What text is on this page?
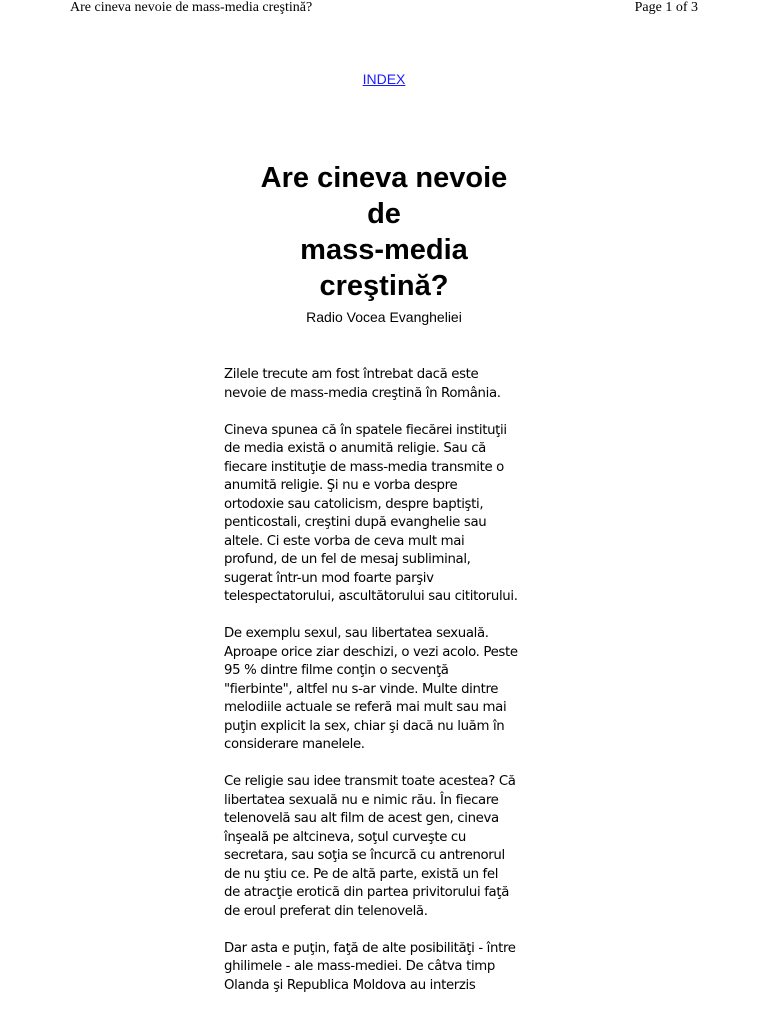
Are cineva nevoie de mass-media creştină?	Page 1 of 3
INDEX
Are cineva nevoie
de
mass-media
creştină?
Radio Vocea Evangheliei

Zilele trecute am fost întrebat dacă este
nevoie de mass-media creştină în România.

Cineva spunea că în spatele fiecărei instituţii
de media există o anumită religie. Sau că
fiecare instituţie de mass-media transmite o
anumită religie. Şi nu e vorba despre
ortodoxie sau catolicism, despre baptişti,
penticostali, creştini după evanghelie sau
altele. Ci este vorba de ceva mult mai
profund, de un fel de mesaj subliminal,
sugerat într-un mod foarte parşiv
telespectatorului, ascultătorului sau cititorului.

De exemplu sexul, sau libertatea sexuală.
Aproape orice ziar deschizi, o vezi acolo. Peste
95 % dintre filme conţin o secvenţă
"fierbinte", altfel nu s-ar vinde. Multe dintre
melodiile actuale se referă mai mult sau mai
puţin explicit la sex, chiar şi dacă nu luăm în
considerare manelele.

Ce religie sau idee transmit toate acestea? Că
libertatea sexuală nu e nimic rău. În fiecare
telenovelă sau alt film de acest gen, cineva
înşeală pe altcineva, soţul curveşte cu
secretara, sau soţia se încurcă cu antrenorul
de nu ştiu ce. Pe de altă parte, există un fel
de atracţie erotică din partea privitorului faţă
de eroul preferat din telenovelă.

Dar asta e puţin, faţă de alte posibilităţi - între
ghilimele - ale mass-mediei. De câtva timp
Olanda şi Republica Moldova au interzis
